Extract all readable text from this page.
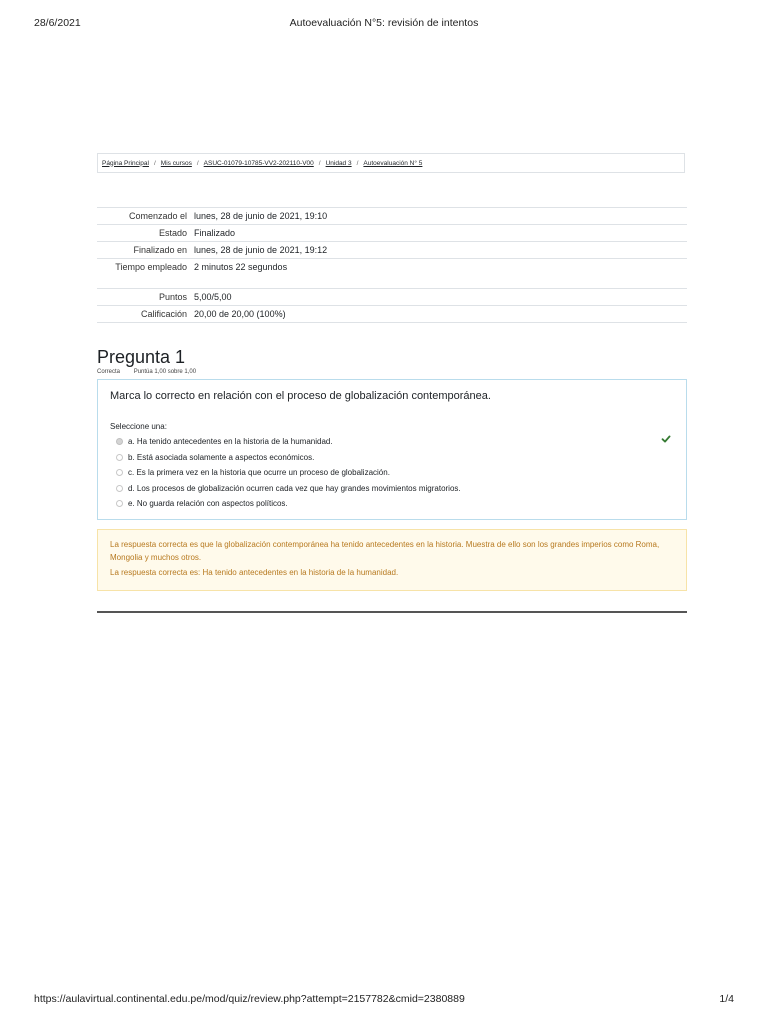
28/6/2021	Autoevaluación N°5: revisión de intentos
Página Principal / Mis cursos / ASUC-01079-10785-VV2-202110-V00 / Unidad 3 / Autoevaluación N° 5
Comenzado el	lunes, 28 de junio de 2021, 19:10
Estado	Finalizado
Finalizado en	lunes, 28 de junio de 2021, 19:12
Tiempo empleado	2 minutos 22 segundos
Puntos	5,00/5,00
Calificación	20,00 de 20,00 (100%)
Pregunta 1
Correcta Puntúa 1,00 sobre 1,00
Marca lo correcto en relación con el proceso de globalización contemporánea.
Seleccione una:
a. Ha tenido antecedentes en la historia de la humanidad.
b. Está asociada solamente a aspectos económicos.
c. Es la primera vez en la historia que ocurre un proceso de globalización.
d. Los procesos de globalización ocurren cada vez que hay grandes movimientos migratorios.
e. No guarda relación con aspectos políticos.
La respuesta correcta es que la globalización contemporánea ha tenido antecedentes en la historia. Muestra de ello son los grandes imperios como Roma, Mongolia y muchos otros.
La respuesta correcta es: Ha tenido antecedentes en la historia de la humanidad.
https://aulavirtual.continental.edu.pe/mod/quiz/review.php?attempt=2157782&cmid=2380889	1/4
